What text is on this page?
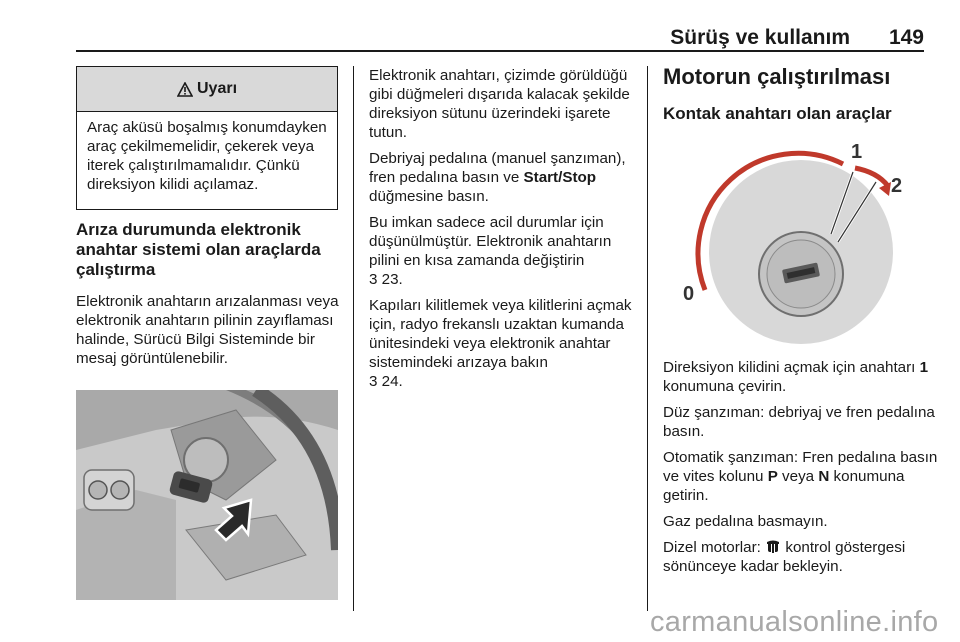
Sürüş ve kullanım 149
Uyarı
Araç aküsü boşalmış konumdayken araç çekilmemelidir, çekerek veya iterek çalıştırılmamalıdır. Çünkü direksiyon kilidi açılamaz.
Arıza durumunda elektronik anahtar sistemi olan araçlarda çalıştırma

Elektronik anahtarın arızalanması veya elektronik anahtarın pilinin zayıflaması halinde, Sürücü Bilgi Sisteminde bir mesaj görüntülenebilir.

Elektronik anahtarı, çizimde görüldüğü gibi düğmeleri dışarıda kalacak şekilde direksiyon sütunu üzerindeki işarete tutun.

Debriyaj pedalına (manuel şanzıman), fren pedalına basın ve Start/Stop düğmesine basın.

Bu imkan sadece acil durumlar için düşünülmüştür. Elektronik anahtarın pilini en kısa zamanda değiştirin
3 23.

Kapıları kilitlemek veya kilitlerini açmak için, radyo frekanslı uzaktan kumanda ünitesindeki veya elektronik anahtar sistemindeki arızaya bakın
3 24.

Motorun çalıştırılması
Kontak anahtarı olan araçlar
0
1
2

Direksiyon kilidini açmak için anahtarı 1 konumuna çevirin.

Düz şanzıman: debriyaj ve fren pedalına basın.

Otomatik şanzıman: Fren pedalına basın ve vites kolunu P veya N konumuna getirin.

Gaz pedalına basmayın.

Dizel motorlar:  kontrol göstergesi sönünceye kadar bekleyin.

carmanualsonline.info
